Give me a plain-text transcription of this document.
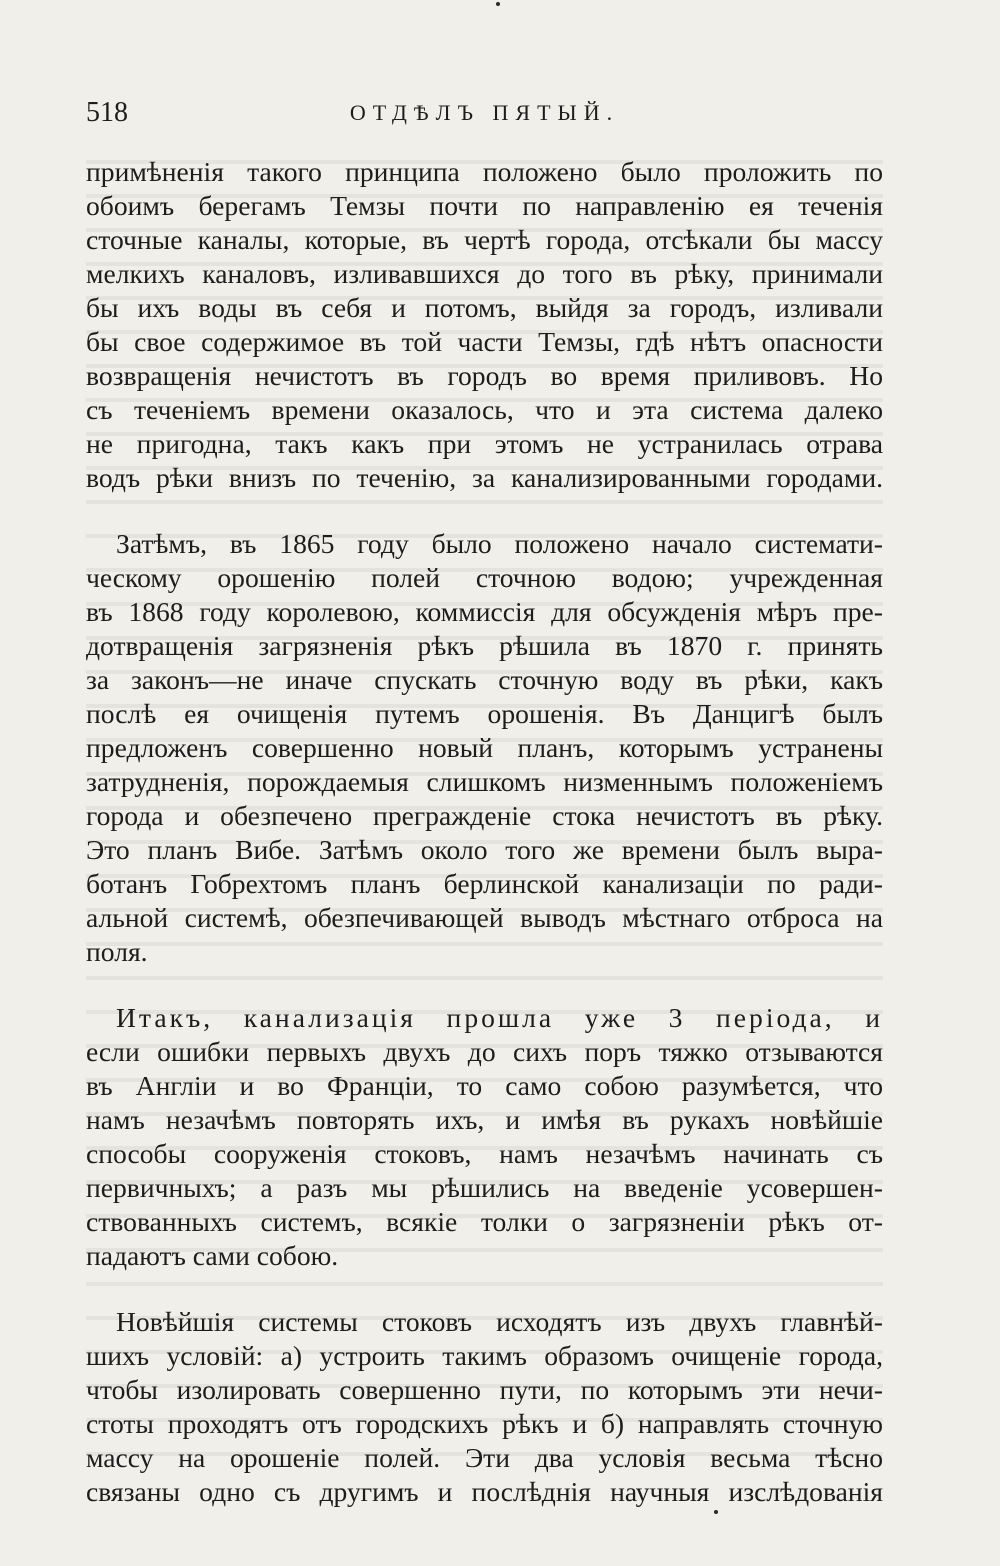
518	ОТДѢЛЪ ПЯТЫЙ.

примѣненія такого принципа положено было проложить по
обоимъ берегамъ Темзы почти по направленію ея теченія
сточные каналы, которые, въ чертѣ города, отсѣкали бы массу
мелкихъ каналовъ, изливавшихся до того въ рѣку, принимали
бы ихъ воды въ себя и потомъ, выйдя за городъ, изливали
бы свое содержимое въ той части Темзы, гдѣ нѣтъ опасности
возвращенія нечистотъ въ городъ во время приливовъ. Но
съ теченіемъ времени оказалось, что и эта система далеко
не пригодна, такъ какъ при этомъ не устранилась отрава
водъ рѣки внизъ по теченію, за канализированными городами.

Затѣмъ, въ 1865 году было положено начало системати-
ческому орошенію полей сточною водою; учрежденная
въ 1868 году королевою, коммиссія для обсужденія мѣръ пре-
дотвращенія загрязненія рѣкъ рѣшила въ 1870 г. принять
за законъ—не иначе спускать сточную воду въ рѣки, какъ
послѣ ея очищенія путемъ орошенія. Въ Данцигѣ былъ
предложенъ совершенно новый планъ, которымъ устранены
затрудненія, порождаемыя слишкомъ низменнымъ положеніемъ
города и обезпечено прегражденіе стока нечистотъ въ рѣку.
Это планъ Вибе. Затѣмъ около того же времени былъ выра-
ботанъ Гобрехтомъ планъ берлинской канализаціи по ради-
альной системѣ, обезпечивающей выводъ мѣстнаго отброса на
поля.

Итакъ, канализація прошла уже 3 періода, и
если ошибки первыхъ двухъ до сихъ поръ тяжко отзываются
въ Англіи и во Франціи, то само собою разумѣется, что
намъ незачѣмъ повторять ихъ, и имѣя въ рукахъ новѣйшіе
способы сооруженія стоковъ, намъ незачѣмъ начинать съ
первичныхъ; а разъ мы рѣшились на введеніе усовершен-
ствованныхъ системъ, всякіе толки о загрязненіи рѣкъ от-
падаютъ сами собою.

Новѣйшія системы стоковъ исходятъ изъ двухъ главнѣй-
шихъ условій: а) устроить такимъ образомъ очищеніе города,
чтобы изолировать совершенно пути, по которымъ эти нечи-
стоты проходятъ отъ городскихъ рѣкъ и б) направлять сточную
массу на орошеніе полей. Эти два условія весьма тѣсно
связаны одно съ другимъ и послѣднія научныя изслѣдованія
